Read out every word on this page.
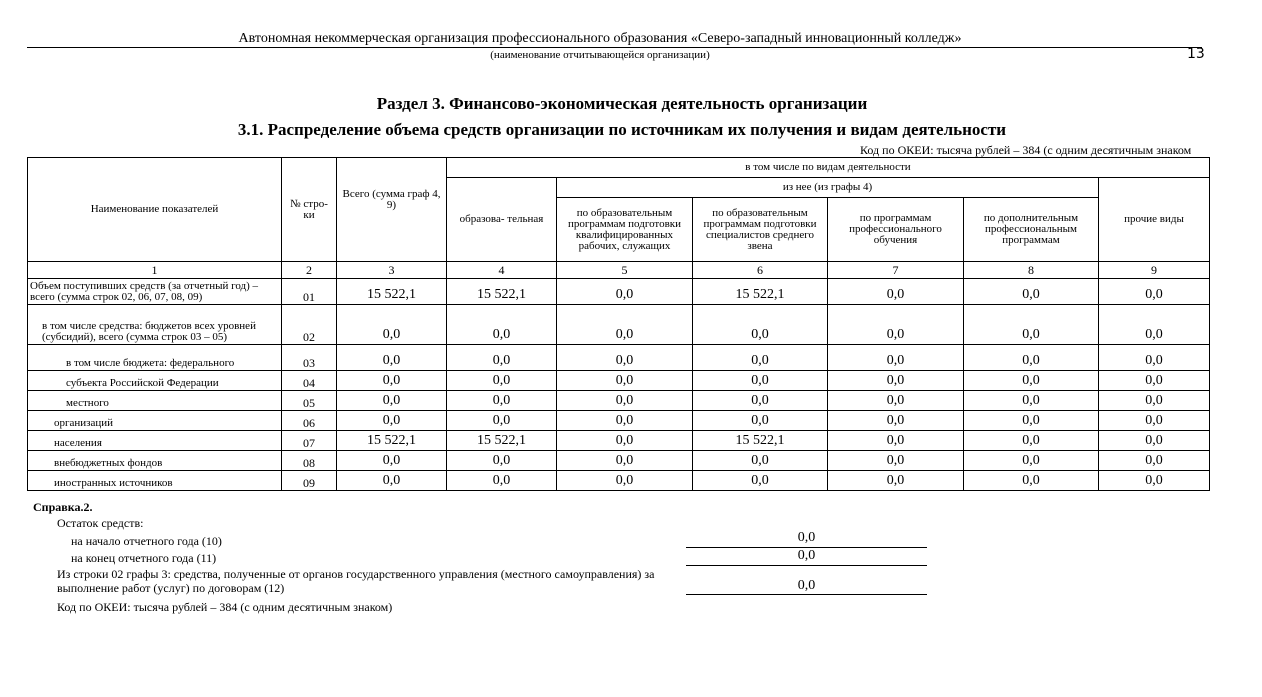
Автономная некоммерческая организация профессионального образования «Северо-западный инновационный колледж»
(наименование отчитывающейся организации)	13
Раздел 3. Финансово-экономическая деятельность организации
3.1. Распределение объема средств организации по источникам их получения и видам деятельности
Код по ОКЕИ: тысяча рублей – 384 (с одним десятичным знаком
Наименование показателей	№ стро- ки	Всего (сумма граф 4, 9)	в том числе по видам деятельности					
			образова- тельная	из нее (из графы 4)				прочие виды
				по образовательным программам подготовки квалифицированных рабочих, служащих	по образовательным программам подготовки специалистов среднего звена	по программам профессионального обучения	по дополнительным профессиональным программам	
1	2	3	4	5	6	7	8	9
Объем поступивших средств (за отчетный год) – всего (сумма строк 02, 06, 07, 08, 09)	01	15 522,1	15 522,1	0,0	15 522,1	0,0	0,0	0,0
в том числе средства: бюджетов всех уровней (субсидий), всего (сумма строк 03 – 05)	02	0,0	0,0	0,0	0,0	0,0	0,0	0,0
в том числе бюджета: федерального	03	0,0	0,0	0,0	0,0	0,0	0,0	0,0
субъекта Российской Федерации	04	0,0	0,0	0,0	0,0	0,0	0,0	0,0
местного	05	0,0	0,0	0,0	0,0	0,0	0,0	0,0
организаций	06	0,0	0,0	0,0	0,0	0,0	0,0	0,0
населения	07	15 522,1	15 522,1	0,0	15 522,1	0,0	0,0	0,0
внебюджетных фондов	08	0,0	0,0	0,0	0,0	0,0	0,0	0,0
иностранных источников	09	0,0	0,0	0,0	0,0	0,0	0,0	0,0
Справка.2.
Остаток средств:
на начало отчетного года (10)	0,0
на конец отчетного года (11)	0,0
Из строки 02 графы 3: средства, полученные от органов государственного управления (местного самоуправления) за
выполнение работ (услуг) по договорам (12)	0,0
Код по ОКЕИ: тысяча рублей – 384 (с одним десятичным знаком)
